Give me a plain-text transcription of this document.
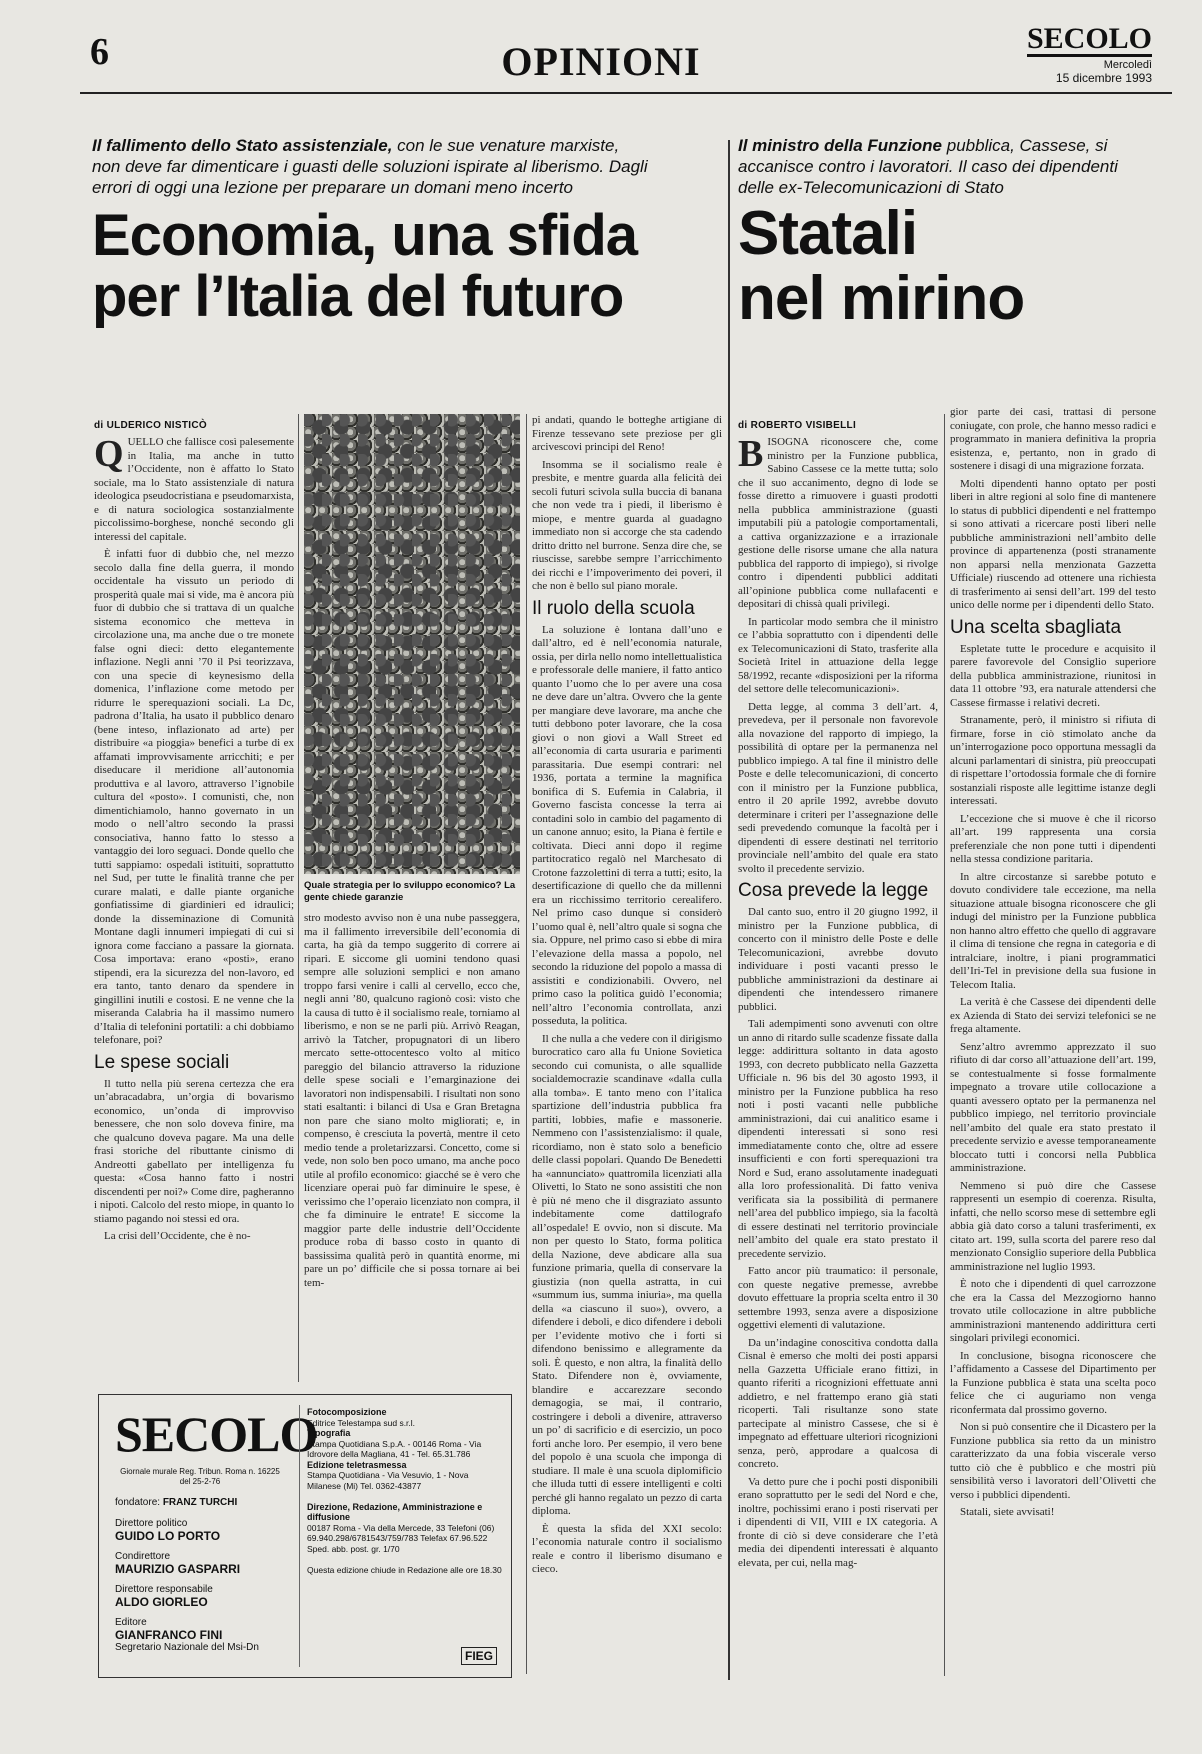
6	OPINIONI
SECOLO
Mercoledì
15 dicembre 1993
Il fallimento dello Stato assistenziale, con le sue venature marxiste, non deve far dimenticare i guasti delle soluzioni ispirate al liberismo. Dagli errori di oggi una lezione per preparare un domani meno incerto
Economia, una sfida
per l’Italia del futuro
di ULDERICO NISTICÒ

QUELLO che fallisce così palesemente in Italia, ma anche in tutto l’Occidente, non è affatto lo Stato sociale, ma lo Stato assistenziale di natura ideologica pseudocristiana e pseudomarxista, e di natura sociologica sostanzialmente piccolissimo-borghese, nonché secondo gli interessi del capitale.

È infatti fuor di dubbio che, nel mezzo secolo dalla fine della guerra, il mondo occidentale ha vissuto un periodo di prosperità quale mai si vide, ma è ancora più fuor di dubbio che si trattava di un qualche sistema economico che metteva in circolazione una, ma anche due o tre monete false ogni dieci: detto elegantemente inflazione. Negli anni ’70 il Psi teorizzava, con una specie di keynesismo della domenica, l’inflazione come metodo per ridurre le sperequazioni sociali. La Dc, padrona d’Italia, ha usato il pubblico denaro (bene inteso, inflazionato ad arte) per distribuire «a pioggia» benefici a turbe di ex affamati improvvisamente arricchiti; e per diseducare il meridione all’autonomia produttiva e al lavoro, attraverso l’ignobile cultura del «posto». I comunisti, che, non dimentichiamolo, hanno governato in un modo o nell’altro secondo la prassi consociativa, hanno fatto lo stesso a vantaggio dei loro seguaci. Donde quello che tutti sappiamo: ospedali istituiti, soprattutto nel Sud, per tutte le finalità tranne che per curare malati, e dalle piante organiche gonfiatissime di giardinieri ed idraulici; donde la disseminazione di Comunità Montane dagli innumeri impiegati di cui si ignora come facciano a passare la giornata. Cosa importava: erano «posti», erano stipendi, era la sicurezza del non-lavoro, ed era tanto, tanto denaro da spendere in gingillini inutili e costosi. E ne venne che la miseranda Calabria ha il massimo numero d’Italia di telefonini portatili: a chi dobbiamo telefonare, poi?

Le spese sociali

Il tutto nella più serena certezza che era un’abracadabra, un’orgia di bovarismo economico, un’onda di improvviso benessere, che non solo doveva finire, ma che qualcuno doveva pagare. Ma una delle frasi storiche del ributtante cinismo di Andreotti gabellato per intelligenza fu questa: «Cosa hanno fatto i nostri discendenti per noi?» Come dire, pagheranno i nipoti. Calcolo del resto miope, in quanto lo stiamo pagando noi stessi ed ora.

La crisi dell’Occidente, che è no-

Quale strategia per lo sviluppo economico? La gente chiede garanzie

stro modesto avviso non è una nube passeggera, ma il fallimento irreversibile dell’economia di carta, ha già da tempo suggerito di correre ai ripari. E siccome gli uomini tendono quasi sempre alle soluzioni semplici e non amano troppo farsi venire i calli al cervello, ecco che, negli anni ’80, qualcuno ragionò così: visto che la causa di tutto è il socialismo reale, torniamo al liberismo, e non se ne parli più. Arrivò Reagan, arrivò la Tatcher, propugnatori di un libero mercato sette-ottocentesco volto al mitico pareggio del bilancio attraverso la riduzione delle spese sociali e l’emarginazione dei lavoratori non indispensabili. I risultati non sono stati esaltanti: i bilanci di Usa e Gran Bretagna non pare che siano molto migliorati; e, in compenso, è cresciuta la povertà, mentre il ceto medio tende a proletarizzarsi. Concetto, come si vede, non solo ben poco umano, ma anche poco utile al profilo economico: giacché se è vero che licenziare operai può far diminuire le spese, è verissimo che l’operaio licenziato non compra, il che fa diminuire le entrate! E siccome la maggior parte delle industrie dell’Occidente produce roba di basso costo in quanto di bassissima qualità però in quantità enorme, mi pare un po’ difficile che si possa tornare ai bei tem-

pi andati, quando le botteghe artigiane di Firenze tessevano sete preziose per gli arcivescovi principi del Reno!

Insomma se il socialismo reale è presbite, e mentre guarda alla felicità dei secoli futuri scivola sulla buccia di banana che non vede tra i piedi, il liberismo è miope, e mentre guarda al guadagno immediato non si accorge che sta cadendo dritto dritto nel burrone. Senza dire che, se riuscisse, sarebbe sempre l’arricchimento dei ricchi e l’impoverimento dei poveri, il che non è bello sul piano morale.

Il ruolo della scuola

La soluzione è lontana dall’uno e dall’altro, ed è nell’economia naturale, ossia, per dirla nello nomo intellettualistica e professorale delle maniere, il fatto antico quanto l’uomo che lo per avere una cosa ne deve dare un’altra. Ovvero che la gente per mangiare deve lavorare, ma anche che tutti debbono poter lavorare, che la cosa giovi o non giovi a Wall Street ed all’economia di carta usuraria e parimenti parassitaria. Due esempi contrari: nel 1936, portata a termine la magnifica bonifica di S. Eufemia in Calabria, il Governo fascista concesse la terra ai contadini solo in cambio del pagamento di un canone annuo; esito, la Piana è fertile e coltivata. Dieci anni dopo il regime partitocratico regalò nel Marchesato di Crotone fazzolettini di terra a tutti; esito, la desertificazione di quello che da millenni era un ricchissimo territorio cerealifero. Nel primo caso dunque si considerò l’uomo qual è, nell’altro quale si sogna che sia. Oppure, nel primo caso si ebbe di mira l’elevazione della massa a popolo, nel secondo la riduzione del popolo a massa di assistiti e condizionabili. Ovvero, nel primo caso la politica guidò l’economia; nell’altro l’economia controllata, anzi posseduta, la politica.

Il che nulla a che vedere con il dirigismo burocratico caro alla fu Unione Sovietica secondo cui comunista, o alle squallide socialdemocrazie scandinave «dalla culla alla tomba». E tanto meno con l’italica spartizione dell’industria pubblica fra partiti, lobbies, mafie e massonerie. Nemmeno con l’assistenzialismo: il quale, ricordiamo, non è stato solo a beneficio delle classi popolari. Quando De Benedetti ha «annunciato» quattromila licenziati alla Olivetti, lo Stato ne sono assistiti che non è più né meno che il disgraziato assunto indebitamente come dattilografo all’ospedale! E ovvio, non si discute. Ma non per questo lo Stato, forma politica della Nazione, deve abdicare alla sua funzione primaria, quella di conservare la giustizia (non quella astratta, in cui «summum ius, summa iniuria», ma quella della «a ciascuno il suo»), ovvero, a difendere i deboli, e dico difendere i deboli per l’evidente motivo che i forti si difendono benissimo e allegramente da soli. È questo, e non altra, la finalità dello Stato. Difendere non è, ovviamente, blandire e accarezzare secondo demagogia, se mai, il contrario, costringere i deboli a divenire, attraverso un po’ di sacrificio e di esercizio, un poco forti anche loro. Per esempio, il vero bene del popolo è una scuola che imponga di studiare. Il male è una scuola diplomificio che illuda tutti di essere intelligenti e colti perché gli hanno regalato un pezzo di carta diploma.

È questa la sfida del XXI secolo: l’economia naturale contro il socialismo reale e contro il liberismo disumano e cieco.

Il ministro della Funzione pubblica, Cassese, si accanisce contro i lavoratori. Il caso dei dipendenti delle ex-Telecomunicazioni di Stato
Statali
nel mirino
di ROBERTO VISIBELLI

BISOGNA riconoscere che, come ministro per la Funzione pubblica, Sabino Cassese ce la mette tutta; solo che il suo accanimento, degno di lode se fosse diretto a rimuovere i guasti prodotti nella pubblica amministrazione (guasti imputabili più a patologie comportamentali, a cattiva organizzazione e a irrazionale gestione delle risorse umane che alla natura pubblica del rapporto di impiego), si rivolge contro i dipendenti pubblici additati all’opinione pubblica come nullafacenti e depositari di chissà quali privilegi.

In particolar modo sembra che il ministro ce l’abbia soprattutto con i dipendenti delle ex Telecomunicazioni di Stato, trasferite alla Società Iritel in attuazione della legge 58/1992, recante «disposizioni per la riforma del settore delle telecomunicazioni».

Detta legge, al comma 3 dell’art. 4, prevedeva, per il personale non favorevole alla novazione del rapporto di impiego, la possibilità di optare per la permanenza nel pubblico impiego. A tal fine il ministro delle Poste e delle telecomunicazioni, di concerto con il ministro per la Funzione pubblica, entro il 20 aprile 1992, avrebbe dovuto determinare i criteri per l’assegnazione delle sedi prevedendo comunque la facoltà per i dipendenti di essere destinati nel territorio provinciale nell’ambito del quale era stato svolto il precedente servizio.

Cosa prevede la legge

Dal canto suo, entro il 20 giugno 1992, il ministro per la Funzione pubblica, di concerto con il ministro delle Poste e delle Telecomunicazioni, avrebbe dovuto individuare i posti vacanti presso le pubbliche amministrazioni da destinare ai dipendenti che intendessero rimanere pubblici.

Tali adempimenti sono avvenuti con oltre un anno di ritardo sulle scadenze fissate dalla legge: addirittura soltanto in data agosto 1993, con decreto pubblicato nella Gazzetta Ufficiale n. 96 bis del 30 agosto 1993, il ministro per la Funzione pubblica ha reso noti i posti vacanti nelle pubbliche amministrazioni, dai cui analitico esame i dipendenti interessati si sono resi immediatamente conto che, oltre ad essere insufficienti e con forti sperequazioni tra Nord e Sud, erano assolutamente inadeguati alla loro professionalità. Di fatto veniva verificata sia la possibilità di permanere nell’area del pubblico impiego, sia la facoltà di essere destinati nel territorio provinciale nell’ambito del quale era stato prestato il precedente servizio.

Fatto ancor più traumatico: il personale, con queste negative premesse, avrebbe dovuto effettuare la propria scelta entro il 30 settembre 1993, senza avere a disposizione oggettivi elementi di valutazione.

Da un’indagine conoscitiva condotta dalla Cisnal è emerso che molti dei posti apparsi nella Gazzetta Ufficiale erano fittizi, in quanto riferiti a ricognizioni effettuate anni addietro, e nel frattempo erano già stati ricoperti. Tali risultanze sono state partecipate al ministro Cassese, che si è impegnato ad effettuare ulteriori ricognizioni senza, però, approdare a qualcosa di concreto.

Va detto pure che i pochi posti disponibili erano soprattutto per le sedi del Nord e che, inoltre, pochissimi erano i posti riservati per i dipendenti di VII, VIII e IX categoria. A fronte di ciò si deve considerare che l’età media dei dipendenti interessati è alquanto elevata, per cui, nella mag-

gior parte dei casi, trattasi di persone coniugate, con prole, che hanno messo radici e programmato in maniera definitiva la propria esistenza, e, pertanto, non in grado di sostenere i disagi di una migrazione forzata.

Molti dipendenti hanno optato per posti liberi in altre regioni al solo fine di mantenere lo status di pubblici dipendenti e nel frattempo si sono attivati a ricercare posti liberi nelle pubbliche amministrazioni nell’ambito delle province di appartenenza (posti stranamente non apparsi nella menzionata Gazzetta Ufficiale) riuscendo ad ottenere una richiesta di trasferimento ai sensi dell’art. 199 del testo unico delle norme per i dipendenti dello Stato.

Una scelta sbagliata

Espletate tutte le procedure e acquisito il parere favorevole del Consiglio superiore della pubblica amministrazione, riunitosi in data 11 ottobre ’93, era naturale attendersi che Cassese firmasse i relativi decreti.

Stranamente, però, il ministro si rifiuta di firmare, forse in ciò stimolato anche da un’interrogazione poco opportuna messagli da alcuni parlamentari di sinistra, più preoccupati di rispettare l’ortodossia formale che di fornire sostanziali risposte alle legittime istanze degli interessati.

L’eccezione che si muove è che il ricorso all’art. 199 rappresenta una corsia preferenziale che non pone tutti i dipendenti nella stessa condizione paritaria.

In altre circostanze si sarebbe potuto e dovuto condividere tale eccezione, ma nella situazione attuale bisogna riconoscere che gli indugi del ministro per la Funzione pubblica non hanno altro effetto che quello di aggravare il clima di tensione che regna in categoria e di intralciare, inoltre, i piani programmatici dell’Iri-Tel in previsione della sua fusione in Telecom Italia.

La verità è che Cassese dei dipendenti delle ex Azienda di Stato dei servizi telefonici se ne frega altamente.

Senz’altro avremmo apprezzato il suo rifiuto di dar corso all’attuazione dell’art. 199, se contestualmente si fosse formalmente impegnato a trovare utile collocazione a quanti avessero optato per la permanenza nel pubblico impiego, nel territorio provinciale nell’ambito del quale era stato prestato il precedente servizio e avesse temporaneamente bloccato tutti i concorsi nella Pubblica amministrazione.

Nemmeno si può dire che Cassese rappresenti un esempio di coerenza. Risulta, infatti, che nello scorso mese di settembre egli abbia già dato corso a taluni trasferimenti, ex citato art. 199, sulla scorta del parere reso dal menzionato Consiglio superiore della Pubblica amministrazione nel luglio 1993.

È noto che i dipendenti di quel carrozzone che era la Cassa del Mezzogiorno hanno trovato utile collocazione in altre pubbliche amministrazioni mantenendo addirittura certi singolari privilegi economici.

In conclusione, bisogna riconoscere che l’affidamento a Cassese del Dipartimento per la Funzione pubblica è stata una scelta poco felice che ci auguriamo non venga riconfermata dal prossimo governo.

Non si può consentire che il Dicastero per la Funzione pubblica sia retto da un ministro caratterizzato da una fobia viscerale verso tutto ciò che è pubblico e che mostri più sensibilità verso i lavoratori dell’Olivetti che verso i pubblici dipendenti.

Statali, siete avvisati!

SECOLO
Giornale murale Reg. Tribun. Roma n. 16225 del 25-2-76
fondatore: FRANZ TURCHI
Direttore politico
GUIDO LO PORTO
Condirettore
MAURIZIO GASPARRI
Direttore responsabile
ALDO GIORLEO
Editore
GIANFRANCO FINI
Segretario Nazionale del Msi-Dn
Fotocomposizione
Editrice Telestampa sud s.r.l.
Tipografia
Stampa Quotidiana S.p.A. - 00146 Roma - Via Idrovore della Magliana, 41 - Tel. 65.31.786
Edizione teletrasmessa
Stampa Quotidiana - Via Vesuvio, 1 - Nova Milanese (Mi) Tel. 0362-43877

Direzione, Redazione, Amministrazione e diffusione
00187 Roma - Via della Mercede, 33 Telefoni (06) 69.940.298/6781543/759/783 Telefax 67.96.522 Sped. abb. post. gr. 1/70

Questa edizione chiude in Redazione alle ore 18.30
FIEG
